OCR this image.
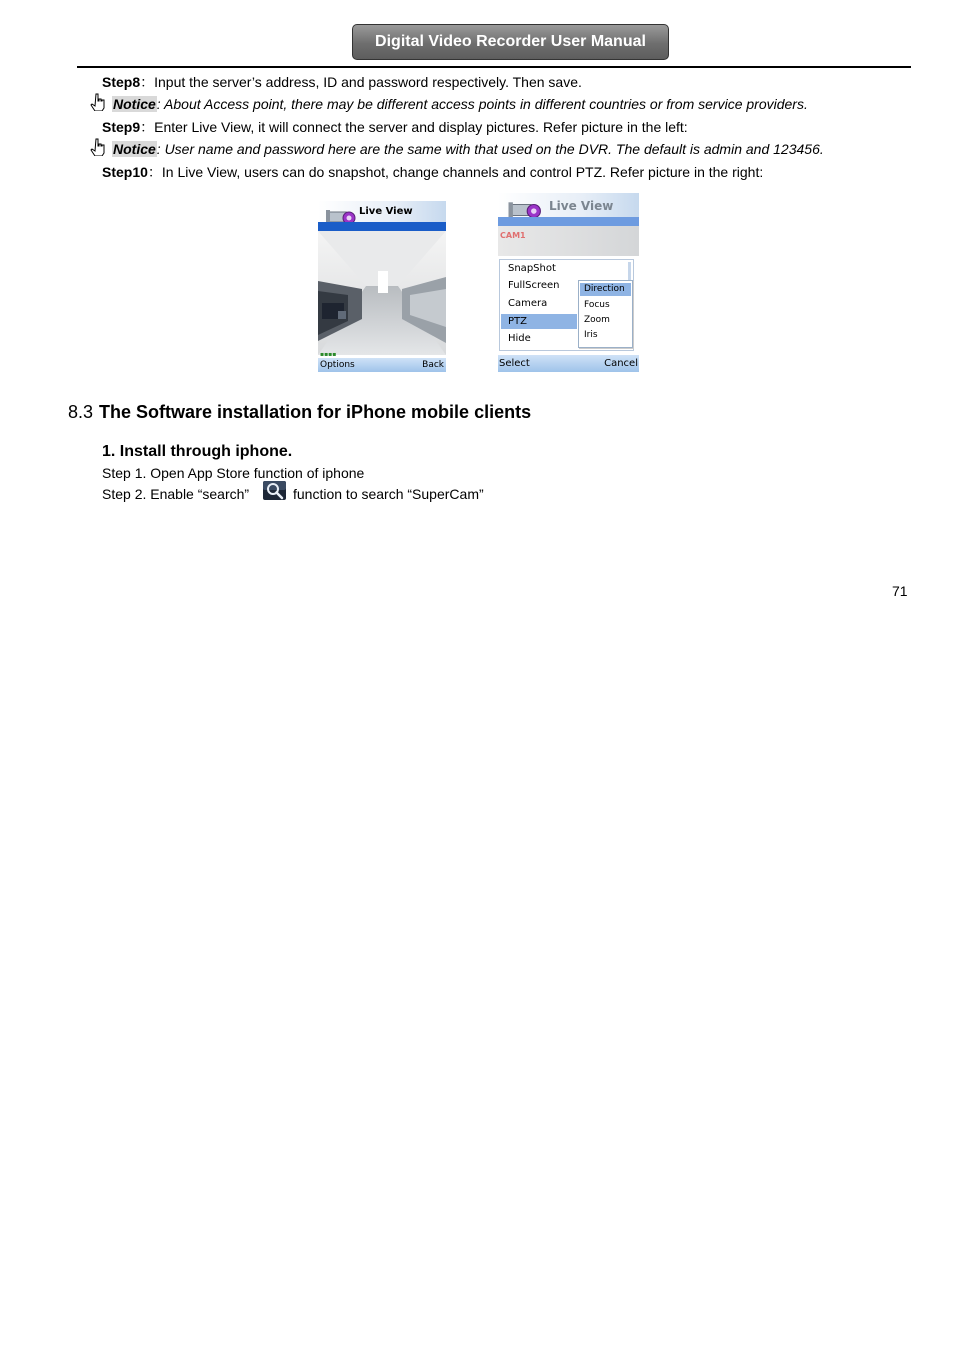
Digital Video Recorder User Manual
Step8：Input the server’s address, ID and password respectively. Then save.
Notice: About Access point, there may be different access points in different countries or from service providers.
Step9：Enter Live View, it will connect the server and display pictures. Refer picture in the left:
Notice: User name and password here are the same with that used on the DVR. The default is admin and 123456.
Step10：In Live View, users can do snapshot, change channels and control PTZ. Refer picture in the right:
Live View
▪▪▪▪
Options	Back
Live View
CAM1
SnapShot
FullScreen
Camera
PTZ
Hide
Direction
Focus
Zoom
Iris
Select	Cancel
8.3 The Software installation for iPhone mobile clients
1. Install through iphone.
Step 1. Open App Store function of iphone
Step 2. Enable “search”	function to search “SuperCam”
71
